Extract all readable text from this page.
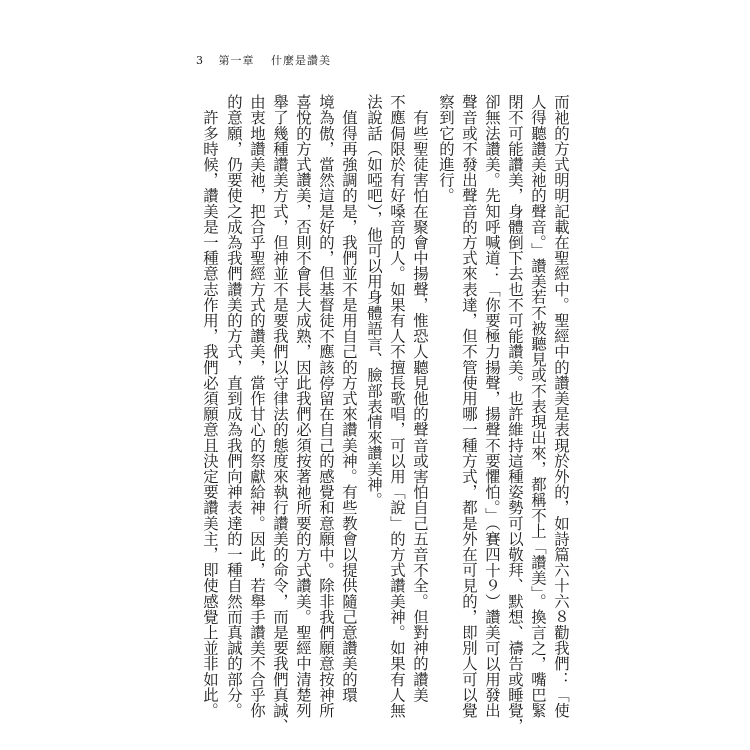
3 第一章 什麼是讚美
而祂的方式明明記載在聖經中。聖經中的讚美是表現於外的，如詩篇六十六８勸我們：「使
人得聽讚美祂的聲音。」讚美若不被聽見或不表現出來，都稱不上「讚美」。換言之，嘴巴緊
閉不可能讚美，身體倒下去也不可能讚美。也許維持這種姿勢可以敬拜、默想、禱告或睡覺，
卻無法讚美。先知呼喊道：「你要極力揚聲，揚聲不要懼怕。」（賽四十９）讚美可以用發出
聲音或不發出聲音的方式來表達，但不管使用哪一種方式，都是外在可見的，即別人可以覺
察到它的進行。
　有些聖徒害怕在聚會中揚聲，惟恐人聽見他的聲音或害怕自己五音不全。但對神的讚美
不應侷限於有好嗓音的人。如果有人不擅長歌唱，可以用「說」的方式讚美神。如果有人無
法說話（如啞吧），他可以用身體語言、臉部表情來讚美神。
　值得再強調的是，我們並不是用自己的方式來讚美神。有些教會以提供隨己意讚美的環
境為傲，當然這是好的，但基督徒不應該停留在自己的感覺和意願中。除非我們願意按神所
喜悅的方式讚美，否則不會長大成熟，因此我們必須按著祂所要的方式讚美。聖經中清楚列
舉了幾種讚美方式，但神並不是要我們以守律法的態度來執行讚美的命令，而是要我們真誠、
由衷地讚美祂，把合乎聖經方式的讚美，當作甘心的祭獻給神。因此，若舉手讚美不合乎你
的意願，仍要使之成為我們讚美的方式，直到成為我們向神表達的一種自然而真誠的部分。
　許多時候，讚美是一種意志作用，我們必須願意且決定要讚美主，即使感覺上並非如此。
